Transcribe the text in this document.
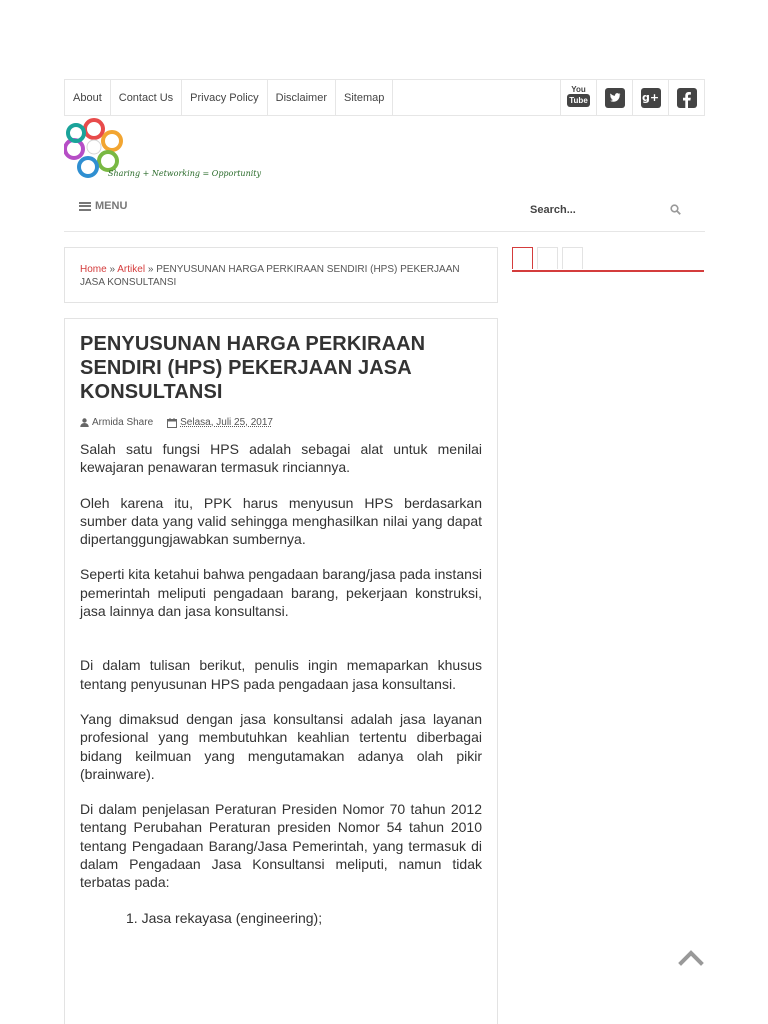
About	Contact Us	Privacy Policy	Disclaimer	Sitemap
You
Tube	g+
Sharing + Networking = Opportunity
MENU
Search...
Home » Artikel » PENYUSUNAN HARGA PERKIRAAN SENDIRI (HPS) PEKERJAAN JASA KONSULTANSI
PENYUSUNAN HARGA PERKIRAAN SENDIRI (HPS) PEKERJAAN JASA KONSULTANSI
Armida Share	Selasa, Juli 25, 2017

Salah satu fungsi HPS adalah sebagai alat untuk menilai kewajaran penawaran termasuk rinciannya.

Oleh karena itu, PPK harus menyusun HPS berdasarkan sumber data yang valid sehingga menghasilkan nilai yang dapat dipertanggungjawabkan sumbernya.

Seperti kita ketahui bahwa pengadaan barang/jasa pada instansi pemerintah meliputi pengadaan barang, pekerjaan konstruksi, jasa lainnya dan jasa konsultansi.

Di dalam tulisan berikut, penulis ingin memaparkan khusus tentang penyusunan HPS pada pengadaan jasa konsultansi.

Yang dimaksud dengan jasa konsultansi adalah jasa layanan profesional yang membutuhkan keahlian tertentu diberbagai bidang keilmuan yang mengutamakan adanya olah pikir (brainware).

Di dalam penjelasan Peraturan Presiden Nomor 70 tahun 2012 tentang Perubahan Peraturan presiden Nomor 54 tahun 2010 tentang Pengadaan Barang/Jasa Pemerintah, yang termasuk di dalam Pengadaan Jasa Konsultansi meliputi, namun tidak terbatas pada:

1. Jasa rekayasa (engineering);
